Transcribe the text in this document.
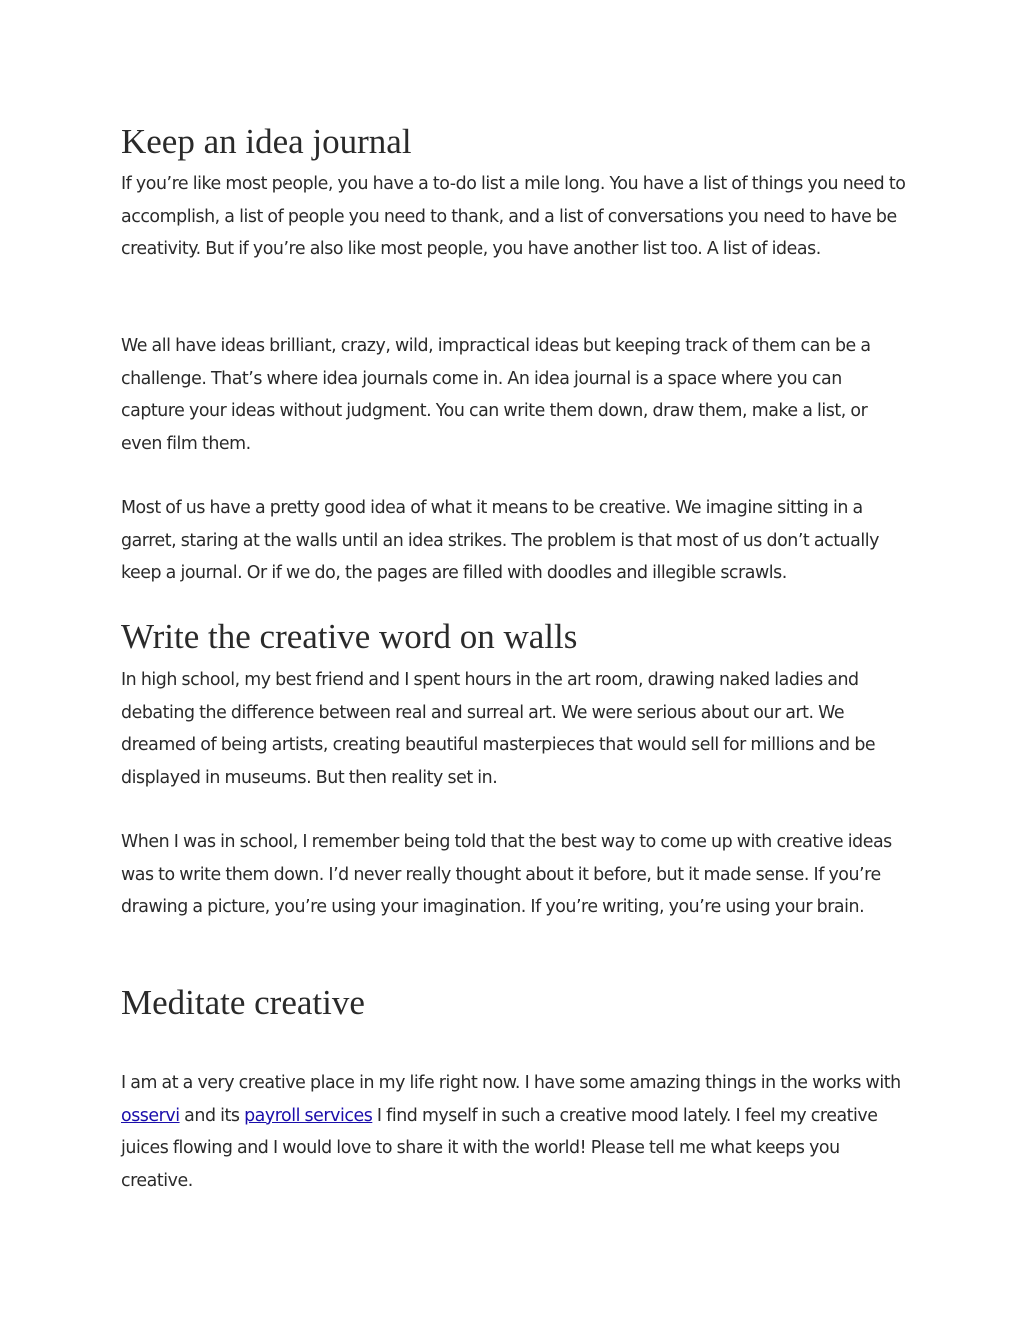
Keep an idea journal

If you’re like most people, you have a to-do list a mile long. You have a list of things you need to accomplish, a list of people you need to thank, and a list of conversations you need to have be creativity. But if you’re also like most people, you have another list too. A list of ideas.

We all have ideas brilliant, crazy, wild, impractical ideas but keeping track of them can be a challenge. That’s where idea journals come in. An idea journal is a space where you can capture your ideas without judgment. You can write them down, draw them, make a list, or even film them.

Most of us have a pretty good idea of what it means to be creative. We imagine sitting in a garret, staring at the walls until an idea strikes. The problem is that most of us don’t actually keep a journal. Or if we do, the pages are filled with doodles and illegible scrawls.

Write the creative word on walls

In high school, my best friend and I spent hours in the art room, drawing naked ladies and debating the difference between real and surreal art. We were serious about our art. We dreamed of being artists, creating beautiful masterpieces that would sell for millions and be displayed in museums. But then reality set in.

When I was in school, I remember being told that the best way to come up with creative ideas was to write them down. I’d never really thought about it before, but it made sense. If you’re drawing a picture, you’re using your imagination. If you’re writing, you’re using your brain.

Meditate creative

I am at a very creative place in my life right now. I have some amazing things in the works with osservi and its payroll services I find myself in such a creative mood lately. I feel my creative juices flowing and I would love to share it with the world! Please tell me what keeps you creative.
